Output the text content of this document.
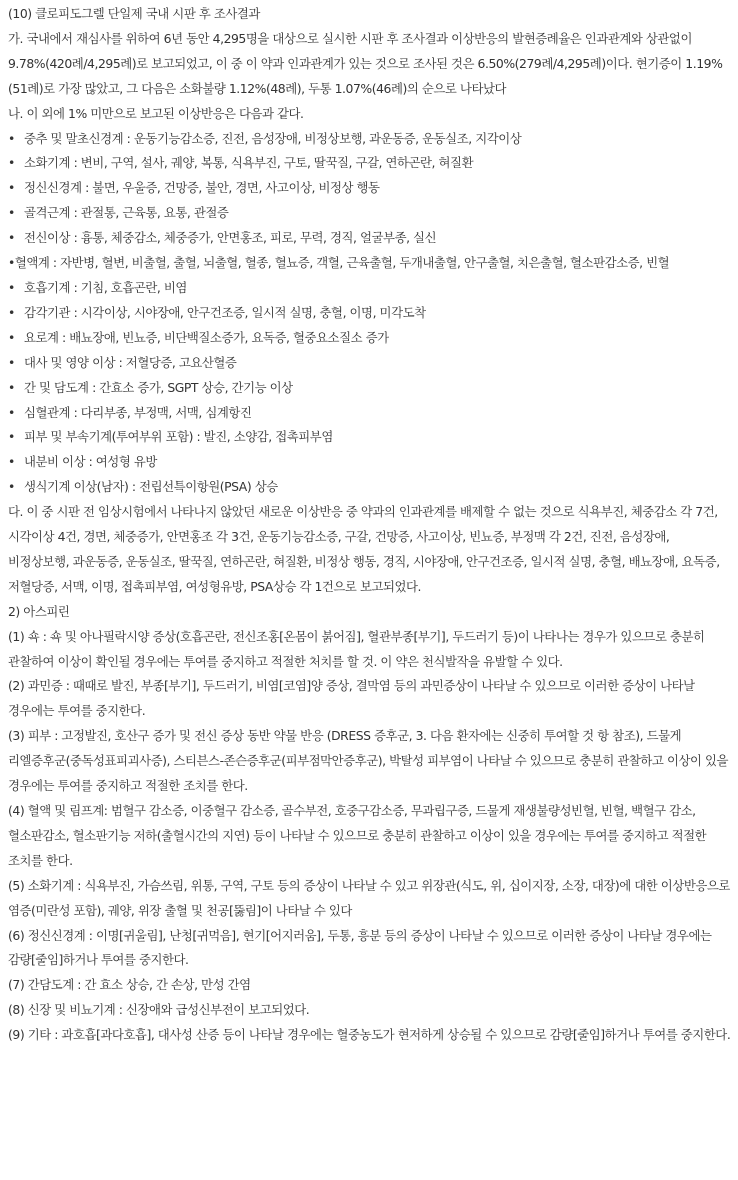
(10) 클로피도그렐 단일제 국내 시판 후 조사결과

가. 국내에서 재심사를 위하여 6년 동안 4,295명을 대상으로 실시한 시판 후 조사결과 이상반응의 발현증례율은 인과관계와 상관없이 9.78%(420례/4,295례)로 보고되었고, 이 중 이 약과 인과관계가 있는 것으로 조사된 것은 6.50%(279례/4,295례)이다. 현기증이 1.19%(51례)로 가장 많았고, 그 다음은 소화불량 1.12%(48례), 두통 1.07%(46례)의 순으로 나타났다

나. 이 외에 1% 미만으로 보고된 이상반응은 다음과 같다.

• 중추 및 말초신경계 : 운동기능감소증, 진전, 음성장애, 비정상보행, 과운동증, 운동실조, 지각이상
• 소화기계 : 변비, 구역, 설사, 궤양, 복통, 식욕부진, 구토, 딸꾹질, 구갈, 연하곤란, 혀질환
• 정신신경계 : 불면, 우울증, 건망증, 불안, 경면, 사고이상, 비정상 행동
• 골격근계 : 관절통, 근육통, 요통, 관절증
• 전신이상 : 흉통, 체중감소, 체중증가, 안면홍조, 피로, 무력, 경직, 얼굴부종, 실신
•혈액계 : 자반병, 혈변, 비출혈, 출혈, 뇌출혈, 혈종, 혈뇨증, 객혈, 근육출혈, 두개내출혈, 안구출혈, 치은출혈, 혈소판감소증, 빈혈
• 호흡기계 : 기침, 호흡곤란, 비염
• 감각기관 : 시각이상, 시야장애, 안구건조증, 일시적 실명, 충혈, 이명, 미각도착
• 요로계 : 배뇨장애, 빈뇨증, 비단백질소증가, 요독증, 혈중요소질소 증가
• 대사 및 영양 이상 : 저혈당증, 고요산혈증
• 간 및 담도계 : 간효소 증가, SGPT 상승, 간기능 이상
• 심혈관계 : 다리부종, 부정맥, 서맥, 심계항진
• 피부 및 부속기계(투여부위 포함) : 발진, 소양감, 접촉피부염
• 내분비 이상 : 여성형 유방
• 생식기계 이상(남자) : 전립선특이항원(PSA) 상승

다. 이 중 시판 전 임상시험에서 나타나지 않았던 새로운 이상반응 중 약과의 인과관계를 배제할 수 없는 것으로 식욕부진, 체중감소 각 7건, 시각이상 4건, 경면, 체중증가, 안면홍조 각 3건, 운동기능감소증, 구갈, 건망증, 사고이상, 빈뇨증, 부정맥 각 2건, 진전, 음성장애, 비정상보행, 과운동증, 운동실조, 딸꾹질, 연하곤란, 혀질환, 비정상 행동, 경직, 시야장애, 안구건조증, 일시적 실명, 충혈, 배뇨장애, 요독증, 저혈당증, 서맥, 이명, 접촉피부염, 여성형유방, PSA상승 각 1건으로 보고되었다.

2) 아스피린

(1) 쇽 : 쇽 및 아나필락시양 증상(호흡곤란, 전신조홍[온몸이 붉어짐], 혈관부종[부기], 두드러기 등)이 나타나는 경우가 있으므로 충분히 관찰하여 이상이 확인될 경우에는 투여를 중지하고 적절한 처치를 할 것. 이 약은 천식발작을 유발할 수 있다.

(2) 과민증 : 때때로 발진, 부종[부기], 두드러기, 비염[코염]양 증상, 결막염 등의 과민증상이 나타날 수 있으므로 이러한 증상이 나타날 경우에는 투여를 중지한다.

(3) 피부 : 고정발진, 호산구 증가 및 전신 증상 동반 약물 반응 (DRESS 증후군, 3. 다음 환자에는 신중히 투여할 것 항 참조), 드물게 리엘증후군(중독성표피괴사증), 스티븐스-존슨증후군(피부점막안증후군), 박탈성 피부염이 나타날 수 있으므로 충분히 관찰하고 이상이 있을 경우에는 투여를 중지하고 적절한 조치를 한다.

(4) 혈액 및 림프계: 범혈구 감소증, 이중혈구 감소증, 골수부전, 호중구감소증, 무과립구증, 드물게 재생불량성빈혈, 빈혈, 백혈구 감소, 혈소판감소, 혈소판기능 저하(출혈시간의 지연) 등이 나타날 수 있으므로 충분히 관찰하고 이상이 있을 경우에는 투여를 중지하고 적절한 조치를 한다.

(5) 소화기계 : 식욕부진, 가슴쓰림, 위통, 구역, 구토 등의 증상이 나타날 수 있고 위장관(식도, 위, 십이지장, 소장, 대장)에 대한 이상반응으로 염증(미란성 포함), 궤양, 위장 출혈 및 천공[뚫림]이 나타날 수 있다

(6) 정신신경계 : 이명[귀울림], 난청[귀먹음], 현기[어지러움], 두통, 흥분 등의 증상이 나타날 수 있으므로 이러한 증상이 나타날 경우에는 감량[줄임]하거나 투여를 중지한다.

(7) 간담도계 : 간 효소 상승, 간 손상, 만성 간염

(8) 신장 및 비뇨기계 : 신장애와 급성신부전이 보고되었다.

(9) 기타 : 과호흡[과다호흡], 대사성 산증 등이 나타날 경우에는 혈중농도가 현저하게 상승될 수 있으므로 감량[줄임]하거나 투여를 중지한다.
